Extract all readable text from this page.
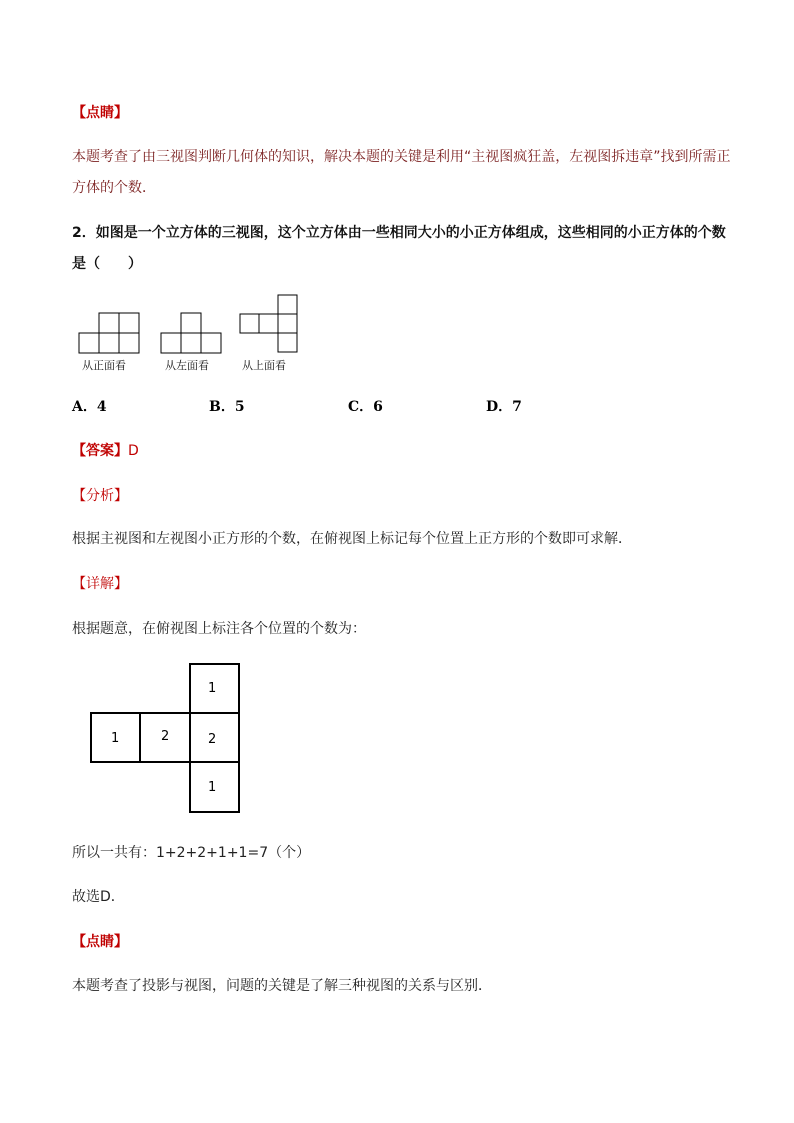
【点睛】
本题考查了由三视图判断几何体的知识，解决本题的关键是利用“主视图疯狂盖，左视图拆违章”找到所需正
方体的个数．
2．如图是一个立方体的三视图，这个立方体由一些相同大小的小正方体组成，这些相同的小正方体的个数
是（　　）
从正面看	从左面看	从上面看
A．4	B．5	C．6	D．7
【答案】D
【分析】
根据主视图和左视图小正方形的个数，在俯视图上标记每个位置上正方形的个数即可求解．
【详解】
根据题意，在俯视图上标注各个位置的个数为：
1
1	2	2
1
所以一共有：1+2+2+1+1=7（个）
故选D．
【点睛】
本题考查了投影与视图，问题的关键是了解三种视图的关系与区别．
